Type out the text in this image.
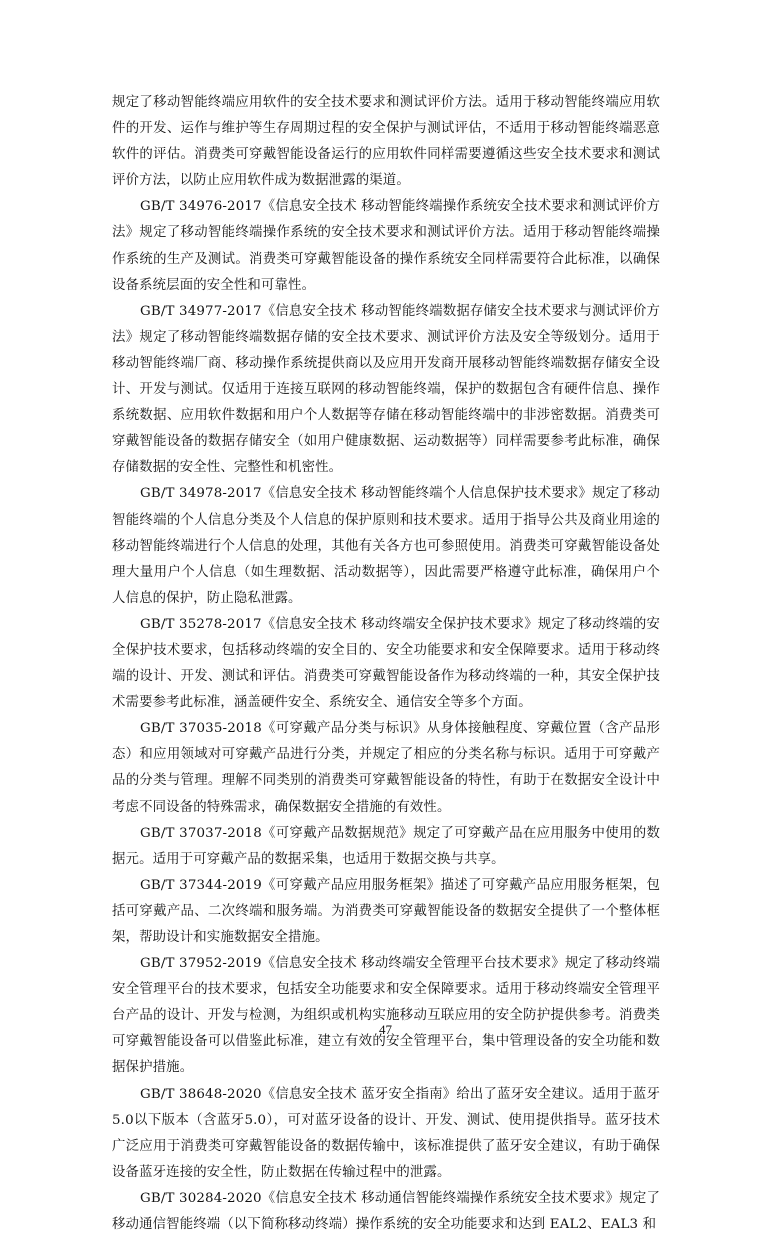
规定了移动智能终端应用软件的安全技术要求和测试评价方法。适用于移动智能终端应用软件的开发、运作与维护等生存周期过程的安全保护与测试评估，不适用于移动智能终端恶意软件的评估。消费类可穿戴智能设备运行的应用软件同样需要遵循这些安全技术要求和测试评价方法，以防止应用软件成为数据泄露的渠道。

GB/T 34976-2017《信息安全技术 移动智能终端操作系统安全技术要求和测试评价方法》规定了移动智能终端操作系统的安全技术要求和测试评价方法。适用于移动智能终端操作系统的生产及测试。消费类可穿戴智能设备的操作系统安全同样需要符合此标准，以确保设备系统层面的安全性和可靠性。

GB/T 34977-2017《信息安全技术 移动智能终端数据存储安全技术要求与测试评价方法》规定了移动智能终端数据存储的安全技术要求、测试评价方法及安全等级划分。适用于移动智能终端厂商、移动操作系统提供商以及应用开发商开展移动智能终端数据存储安全设计、开发与测试。仅适用于连接互联网的移动智能终端，保护的数据包含有硬件信息、操作系统数据、应用软件数据和用户个人数据等存储在移动智能终端中的非涉密数据。消费类可穿戴智能设备的数据存储安全（如用户健康数据、运动数据等）同样需要参考此标准，确保存储数据的安全性、完整性和机密性。

GB/T 34978-2017《信息安全技术 移动智能终端个人信息保护技术要求》规定了移动智能终端的个人信息分类及个人信息的保护原则和技术要求。适用于指导公共及商业用途的移动智能终端进行个人信息的处理，其他有关各方也可参照使用。消费类可穿戴智能设备处理大量用户个人信息（如生理数据、活动数据等），因此需要严格遵守此标准，确保用户个人信息的保护，防止隐私泄露。

GB/T 35278-2017《信息安全技术 移动终端安全保护技术要求》规定了移动终端的安全保护技术要求，包括移动终端的安全目的、安全功能要求和安全保障要求。适用于移动终端的设计、开发、测试和评估。消费类可穿戴智能设备作为移动终端的一种，其安全保护技术需要参考此标准，涵盖硬件安全、系统安全、通信安全等多个方面。

GB/T 37035-2018《可穿戴产品分类与标识》从身体接触程度、穿戴位置（含产品形态）和应用领域对可穿戴产品进行分类，并规定了相应的分类名称与标识。适用于可穿戴产品的分类与管理。理解不同类别的消费类可穿戴智能设备的特性，有助于在数据安全设计中考虑不同设备的特殊需求，确保数据安全措施的有效性。

GB/T 37037-2018《可穿戴产品数据规范》规定了可穿戴产品在应用服务中使用的数据元。适用于可穿戴产品的数据采集，也适用于数据交换与共享。

GB/T 37344-2019《可穿戴产品应用服务框架》描述了可穿戴产品应用服务框架，包括可穿戴产品、二次终端和服务端。为消费类可穿戴智能设备的数据安全提供了一个整体框架，帮助设计和实施数据安全措施。

GB/T 37952-2019《信息安全技术 移动终端安全管理平台技术要求》规定了移动终端安全管理平台的技术要求，包括安全功能要求和安全保障要求。适用于移动终端安全管理平台产品的设计、开发与检测，为组织或机构实施移动互联应用的安全防护提供参考。消费类可穿戴智能设备可以借鉴此标准，建立有效的安全管理平台，集中管理设备的安全功能和数据保护措施。

GB/T 38648-2020《信息安全技术 蓝牙安全指南》给出了蓝牙安全建议。适用于蓝牙5.0以下版本（含蓝牙5.0），可对蓝牙设备的设计、开发、测试、使用提供指导。蓝牙技术广泛应用于消费类可穿戴智能设备的数据传输中，该标准提供了蓝牙安全建议，有助于确保设备蓝牙连接的安全性，防止数据在传输过程中的泄露。

GB/T 30284-2020《信息安全技术 移动通信智能终端操作系统安全技术要求》规定了移动通信智能终端（以下简称移动终端）操作系统的安全功能要求和达到 EAL2、EAL3 和

47
